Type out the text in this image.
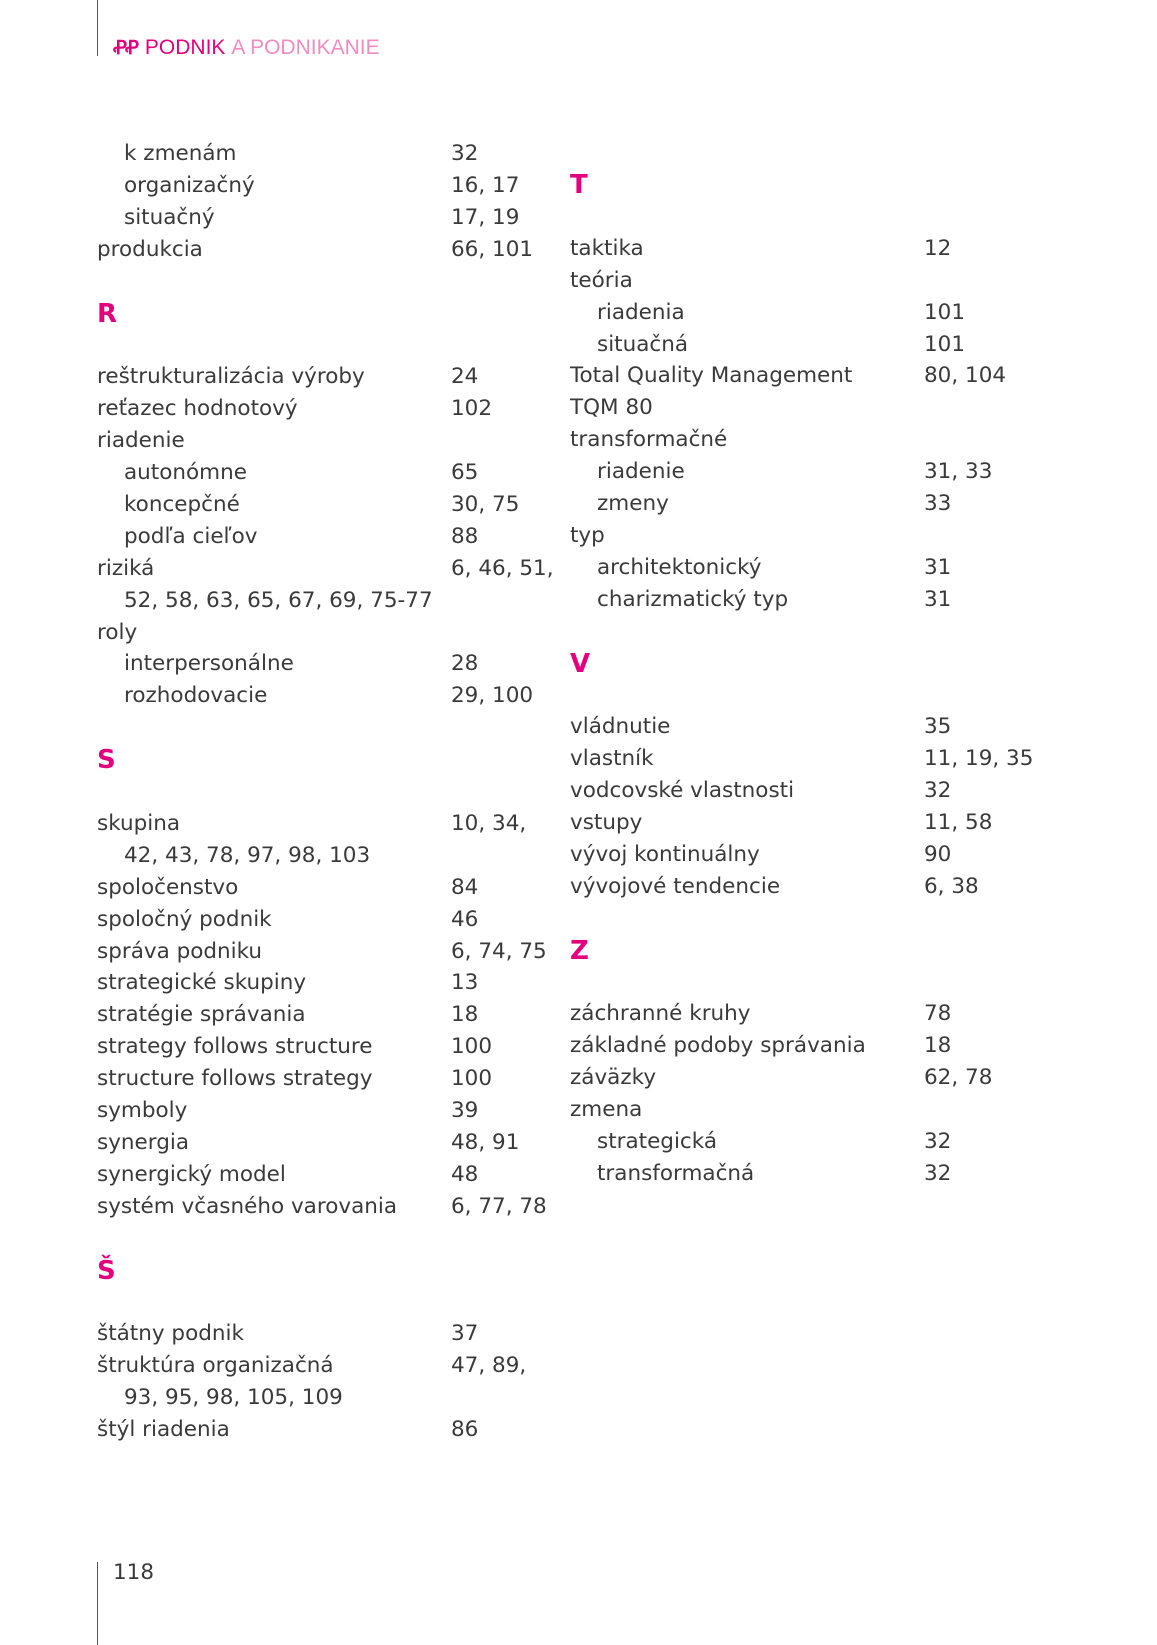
ꝒꝒ PODNIK A PODNIKANIE
k zmenám	32
organizačný	16, 17
situačný	17, 19
produkcia	66, 101
R
reštrukturalizácia výroby	24
reťazec hodnotový	102
riadenie
autonómne	65
koncepčné	30, 75
podľa cieľov	88
riziká	6, 46, 51,
52, 58, 63, 65, 67, 69, 75-77
roly
interpersonálne	28
rozhodovacie	29, 100
S
skupina	10, 34,
42, 43, 78, 97, 98, 103
spoločenstvo	84
spoločný podnik	46
správa podniku	6, 74, 75
strategické skupiny	13
stratégie správania	18
strategy follows structure	100
structure follows strategy	100
symboly	39
synergia	48, 91
synergický model	48
systém včasného varovania	6, 77, 78
Š
štátny podnik	37
štruktúra organizačná	47, 89,
93, 95, 98, 105, 109
štýl riadenia	86
T
taktika	12
teória
riadenia	101
situačná	101
Total Quality Management	80, 104
TQM 80
transformačné
riadenie	31, 33
zmeny	33
typ
architektonický	31
charizmatický typ	31
V
vládnutie	35
vlastník	11, 19, 35
vodcovské vlastnosti	32
vstupy	11, 58
vývoj kontinuálny	90
vývojové tendencie	6, 38
Z
záchranné kruhy	78
základné podoby správania	18
záväzky	62, 78
zmena
strategická	32
transformačná	32
118
